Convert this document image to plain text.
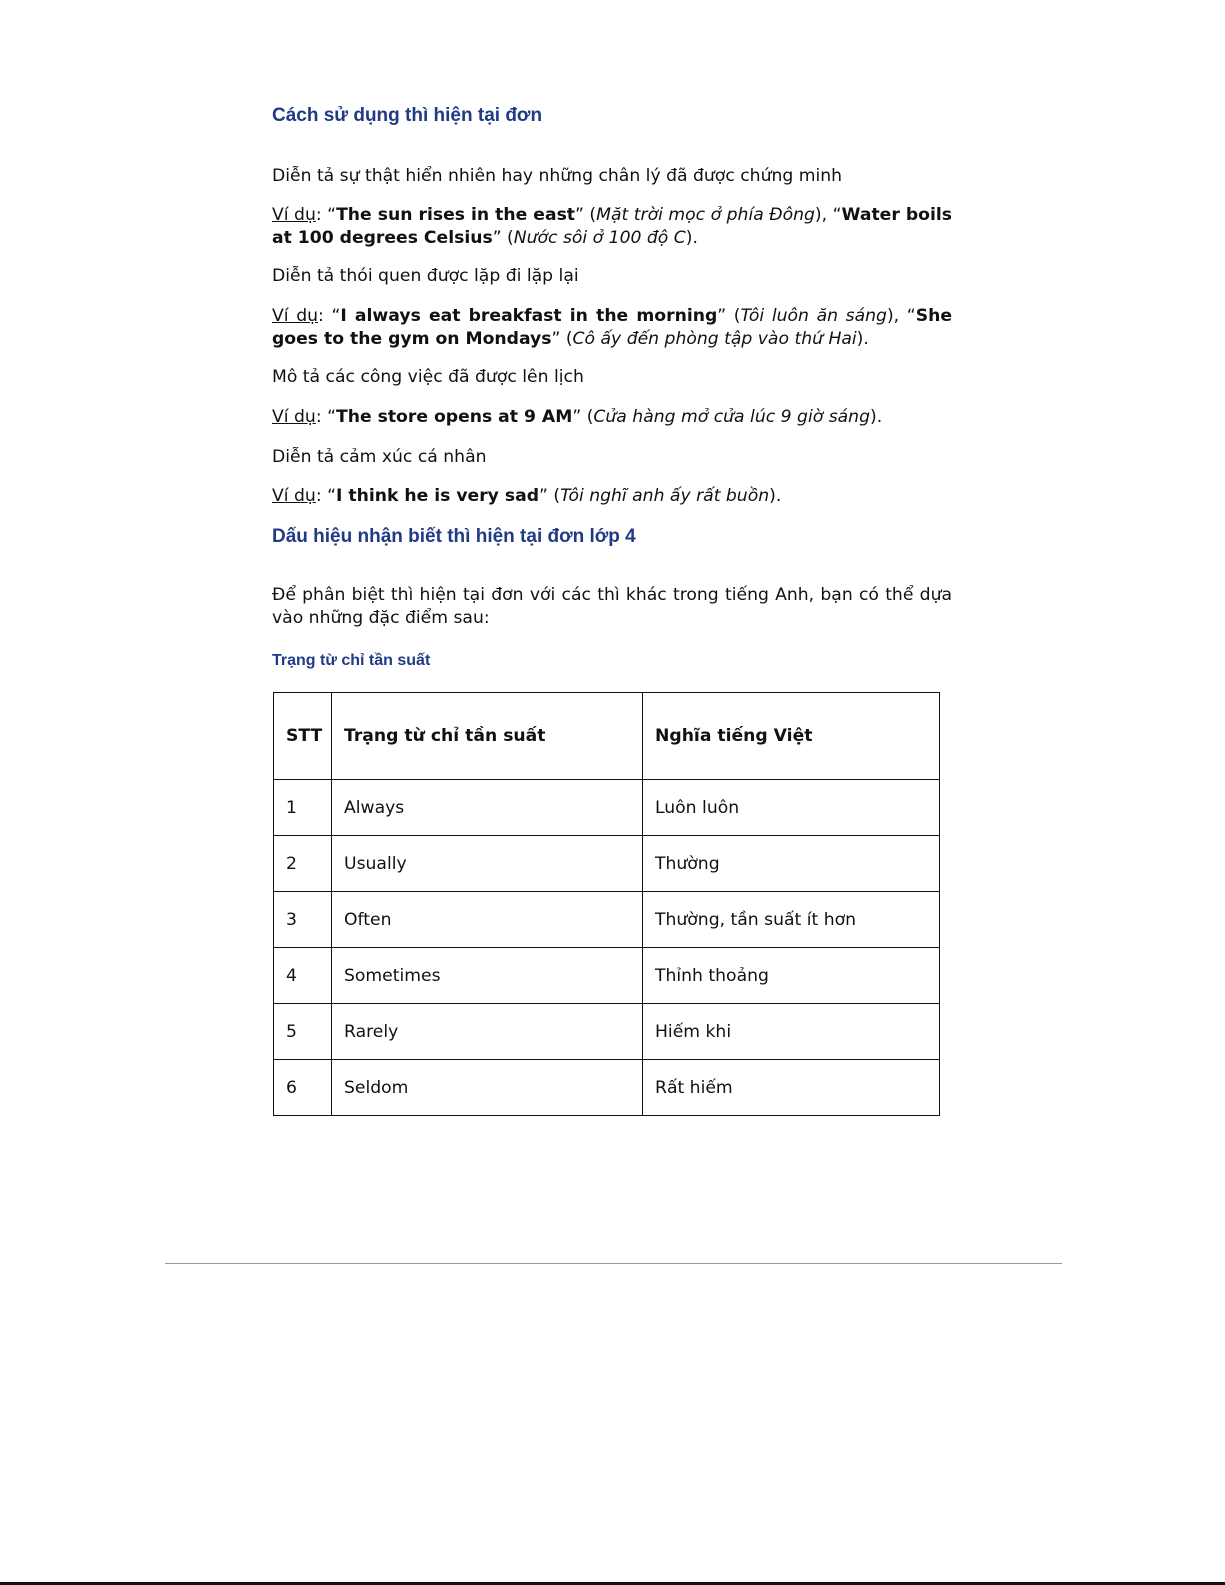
Cách sử dụng thì hiện tại đơn

Diễn tả sự thật hiển nhiên hay những chân lý đã được chứng minh

Ví dụ: “The sun rises in the east” (Mặt trời mọc ở phía Đông), “Water boils at 100 degrees Celsius” (Nước sôi ở 100 độ C).

Diễn tả thói quen được lặp đi lặp lại

Ví dụ: “I always eat breakfast in the morning” (Tôi luôn ăn sáng), “She goes to the gym on Mondays” (Cô ấy đến phòng tập vào thứ Hai).

Mô tả các công việc đã được lên lịch

Ví dụ: “The store opens at 9 AM” (Cửa hàng mở cửa lúc 9 giờ sáng).

Diễn tả cảm xúc cá nhân

Ví dụ: “I think he is very sad” (Tôi nghĩ anh ấy rất buồn).

Dấu hiệu nhận biết thì hiện tại đơn lớp 4

Để phân biệt thì hiện tại đơn với các thì khác trong tiếng Anh, bạn có thể dựa vào những đặc điểm sau:

Trạng từ chỉ tần suất
STT	Trạng từ chỉ tần suất	Nghĩa tiếng Việt
1	Always	Luôn luôn
2	Usually	Thường
3	Often	Thường, tần suất ít hơn
4	Sometimes	Thỉnh thoảng
5	Rarely	Hiếm khi
6	Seldom	Rất hiếm
